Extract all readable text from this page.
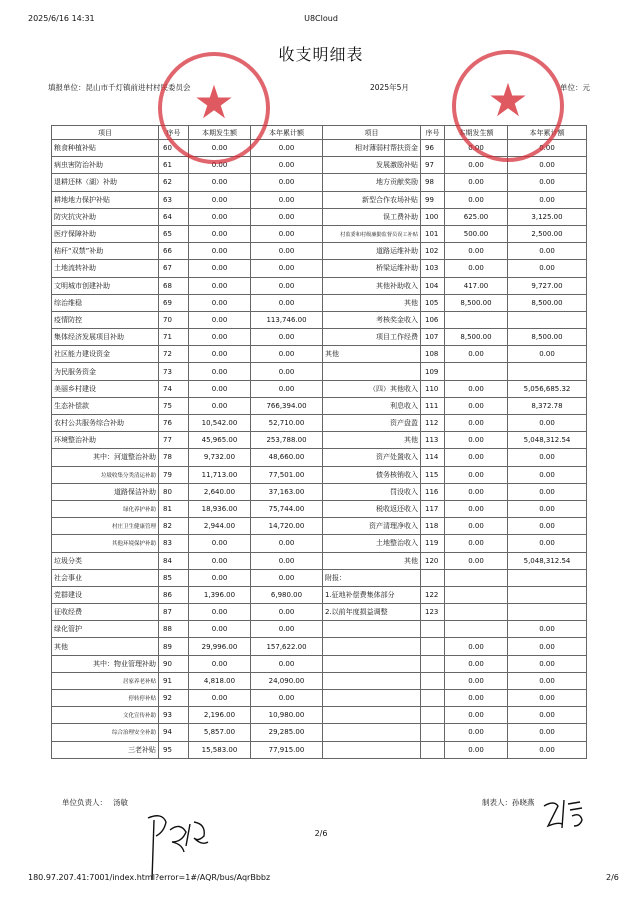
2025/6/16 14:31	U8Cloud
收支明细表
填报单位：昆山市千灯镇前进村村民委员会	2025年5月	单位：元
项目	序号	本期发生额	本年累计额	项目	序号	本期发生额	本年累计额
粮食种植补贴	60	0.00	0.00	相对薄弱村帮扶资金	96	0.00	0.00
病虫害防治补助	61	0.00	0.00	发展激励补贴	97	0.00	0.00
退耕还林（湖）补助	62	0.00	0.00	地方贡献奖励	98	0.00	0.00
耕地地力保护补贴	63	0.00	0.00	新型合作农场补贴	99	0.00	0.00
防灾抗灾补助	64	0.00	0.00	误工费补助	100	625.00	3,125.00
医疗保障补助	65	0.00	0.00	村监委和村级廉勤监督员误工补贴	101	500.00	2,500.00
秸秆“双禁”补助	66	0.00	0.00	道路运维补助	102	0.00	0.00
土地流转补助	67	0.00	0.00	桥梁运维补助	103	0.00	0.00
文明城市创建补助	68	0.00	0.00	其他补助收入	104	417.00	9,727.00
综治维稳	69	0.00	0.00	其他	105	8,500.00	8,500.00
疫情防控	70	0.00	113,746.00	考核奖金收入	106		
集体经济发展项目补助	71	0.00	0.00	项目工作经费	107	8,500.00	8,500.00
社区能力建设资金	72	0.00	0.00	其他	108	0.00	0.00
为民服务资金	73	0.00	0.00		109		
美丽乡村建设	74	0.00	0.00	（四）其他收入	110	0.00	5,056,685.32
生态补偿款	75	0.00	766,394.00	利息收入	111	0.00	8,372.78
农村公共服务综合补助	76	10,542.00	52,710.00	资产盘盈	112	0.00	0.00
环境整治补助	77	45,965.00	253,788.00	其他	113	0.00	5,048,312.54
其中：河道整治补助	78	9,732.00	48,660.00	资产处置收入	114	0.00	0.00
垃圾收集分类清运补助	79	11,713.00	77,501.00	债务核销收入	115	0.00	0.00
道路保洁补助	80	2,640.00	37,163.00	罚没收入	116	0.00	0.00
绿化养护补助	81	18,936.00	75,744.00	税收返还收入	117	0.00	0.00
村庄卫生健康管理	82	2,944.00	14,720.00	资产清理净收入	118	0.00	0.00
其他环境保护补助	83	0.00	0.00	土地整治收入	119	0.00	0.00
垃圾分类	84	0.00	0.00	其他	120	0.00	5,048,312.54
社会事业	85	0.00	0.00	附报：			
党群建设	86	1,396.00	6,980.00	1.征地补偿费集体部分	122		
征收经费	87	0.00	0.00	2.以前年度损益调整	123		
绿化管护	88	0.00	0.00				0.00
其他	89	29,996.00	157,622.00			0.00	0.00
其中：物业管理补助	90	0.00	0.00			0.00	0.00
居家养老补贴	91	4,818.00	24,090.00			0.00	0.00
停转停补贴	92	0.00	0.00			0.00	0.00
文化宣传补助	93	2,196.00	10,980.00			0.00	0.00
综合治理安全补助	94	5,857.00	29,285.00			0.00	0.00
三老补贴	95	15,583.00	77,915.00			0.00	0.00
★	★
单位负责人： 汤敏	制表人：孙晓燕
2/6
180.97.207.41:7001/index.html?error=1#/AQR/bus/AqrBbbz	2/6
